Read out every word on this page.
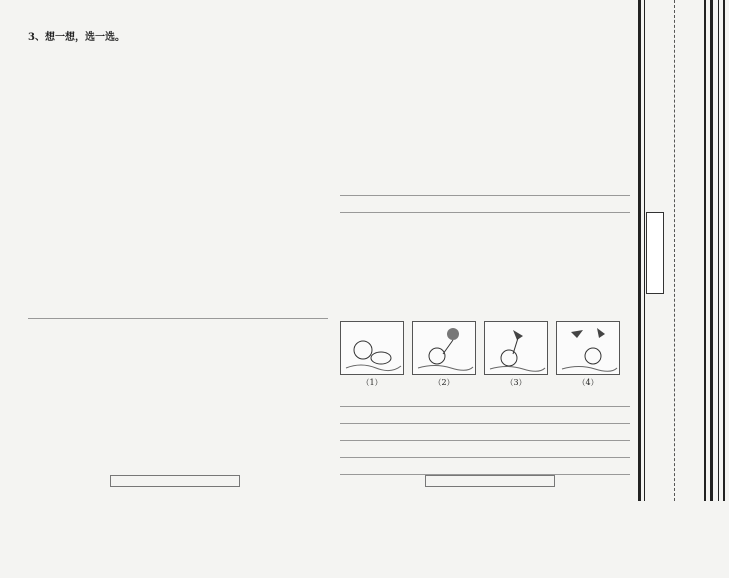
3、想一想，选一选。
（1）	（2）	（3）	（4）
